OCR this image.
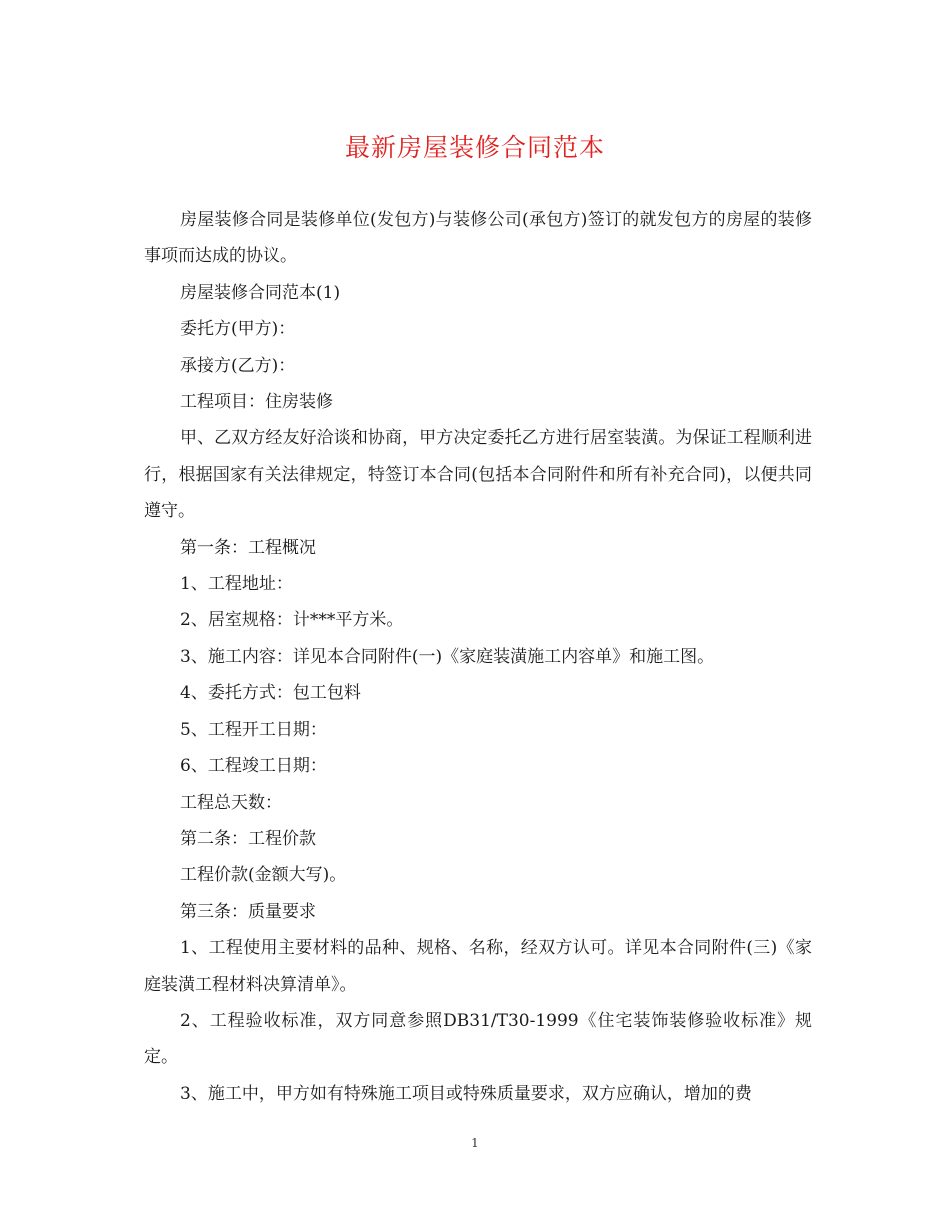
最新房屋装修合同范本

房屋装修合同是装修单位(发包方)与装修公司(承包方)签订的就发包方的房屋的装修事项而达成的协议。

房屋装修合同范本(1)

委托方(甲方)：

承接方(乙方)：

工程项目：住房装修

甲、乙双方经友好洽谈和协商，甲方决定委托乙方进行居室装潢。为保证工程顺利进行，根据国家有关法律规定，特签订本合同(包括本合同附件和所有补充合同)，以便共同遵守。

第一条：工程概况

1、工程地址：

2、居室规格：计***平方米。

3、施工内容：详见本合同附件(一)《家庭装潢施工内容单》和施工图。

4、委托方式：包工包料

5、工程开工日期：

6、工程竣工日期：

工程总天数：

第二条：工程价款

工程价款(金额大写)。

第三条：质量要求

1、工程使用主要材料的品种、规格、名称，经双方认可。详见本合同附件(三)《家庭装潢工程材料决算清单》。

2、工程验收标准，双方同意参照DB31/T30-1999《住宅装饰装修验收标准》规定。

3、施工中，甲方如有特殊施工项目或特殊质量要求，双方应确认，增加的费

1
